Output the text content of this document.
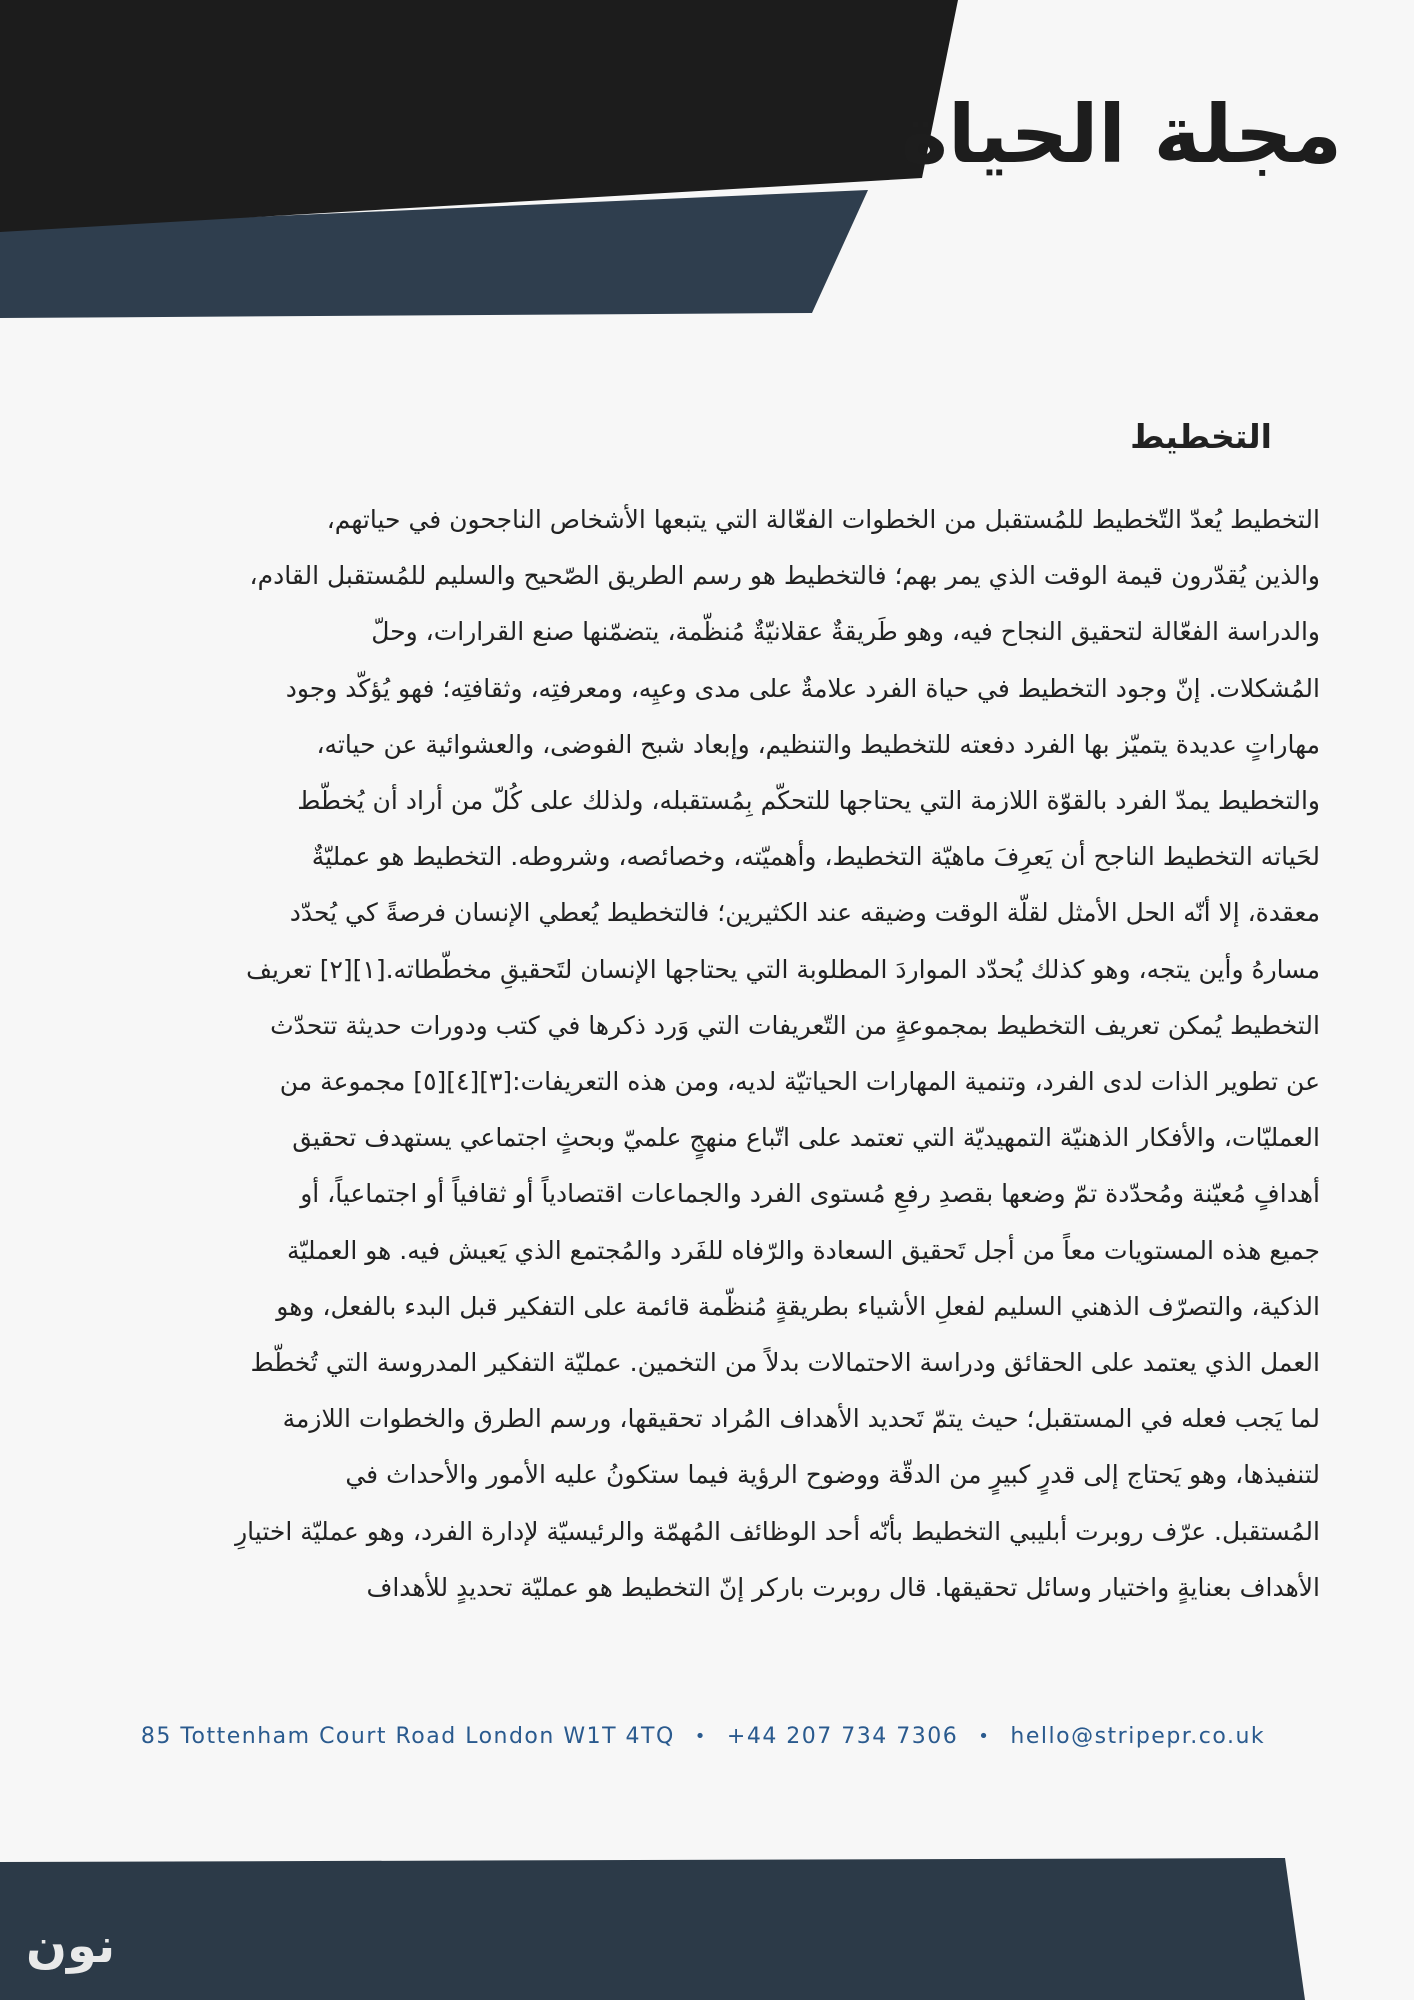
مجلة الحياة
التخطيط

التخطيط يُعدّ التّخطيط للمُستقبل من الخطوات الفعّالة التي يتبعها الأشخاص الناجحون في حياتهم،
والذين يُقدّرون قيمة الوقت الذي يمر بهم؛ فالتخطيط هو رسم الطريق الصّحيح والسليم للمُستقبل القادم،
والدراسة الفعّالة لتحقيق النجاح فيه، وهو طَريقةٌ عقلانيّةٌ مُنظّمة، يتضمّنها صنع القرارات، وحلّ
المُشكلات. إنّ وجود التخطيط في حياة الفرد علامةٌ على مدى وعيِه، ومعرفتِه، وثقافتِه؛ فهو يُؤكّد وجود
مهاراتٍ عديدة يتميّز بها الفرد دفعته للتخطيط والتنظيم، وإبعاد شبح الفوضى، والعشوائية عن حياته،
والتخطيط يمدّ الفرد بالقوّة اللازمة التي يحتاجها للتحكّم بِمُستقبله، ولذلك على كُلّ من أراد أن يُخطّط
لحَياته التخطيط الناجح أن يَعرِفَ ماهيّة التخطيط، وأهميّته، وخصائصه، وشروطه. التخطيط هو عمليّةٌ
معقدة، إلا أنّه الحل الأمثل لقلّة الوقت وضيقه عند الكثيرين؛ فالتخطيط يُعطي الإنسان فرصةً كي يُحدّد
مسارهُ وأين يتجه، وهو كذلك يُحدّد المواردَ المطلوبة التي يحتاجها الإنسان لتَحقيقِ مخطّطاته.[١][٢] تعريف
التخطيط يُمكن تعريف التخطيط بمجموعةٍ من التّعريفات التي وَرد ذكرها في كتب ودورات حديثة تتحدّث
عن تطوير الذات لدى الفرد، وتنمية المهارات الحياتيّة لديه، ومن هذه التعريفات:[٣][٤][٥] مجموعة من
العمليّات، والأفكار الذهنيّة التمهيديّة التي تعتمد على اتّباع منهجٍ علميّ وبحثٍ اجتماعي يستهدف تحقيق
أهدافٍ مُعيّنة ومُحدّدة تمّ وضعها بقصدِ رفعِ مُستوى الفرد والجماعات اقتصادياً أو ثقافياً أو اجتماعياً، أو
جميع هذه المستويات معاً من أجل تَحقيق السعادة والرّفاه للفَرد والمُجتمع الذي يَعيش فيه. هو العمليّة
الذكية، والتصرّف الذهني السليم لفعلِ الأشياء بطريقةٍ مُنظّمة قائمة على التفكير قبل البدء بالفعل، وهو
العمل الذي يعتمد على الحقائق ودراسة الاحتمالات بدلاً من التخمين. عمليّة التفكير المدروسة التي تُخطّط
لما يَجب فعله في المستقبل؛ حيث يتمّ تَحديد الأهداف المُراد تحقيقها، ورسم الطرق والخطوات اللازمة
لتنفيذها، وهو يَحتاج إلى قدرٍ كبيرٍ من الدقّة ووضوح الرؤية فيما ستكونُ عليه الأمور والأحداث في
المُستقبل. عرّف روبرت أبليبي التخطيط بأنّه أحد الوظائف المُهمّة والرئيسيّة لإدارة الفرد، وهو عمليّة اختيارِ
الأهداف بعنايةٍ واختيار وسائل تحقيقها. قال روبرت باركر إنّ التخطيط هو عمليّة تحديدٍ للأهداف

85 Tottenham Court Road London W1T 4TQ • +44 207 734 7306 • hello@stripepr.co.uk
نون
